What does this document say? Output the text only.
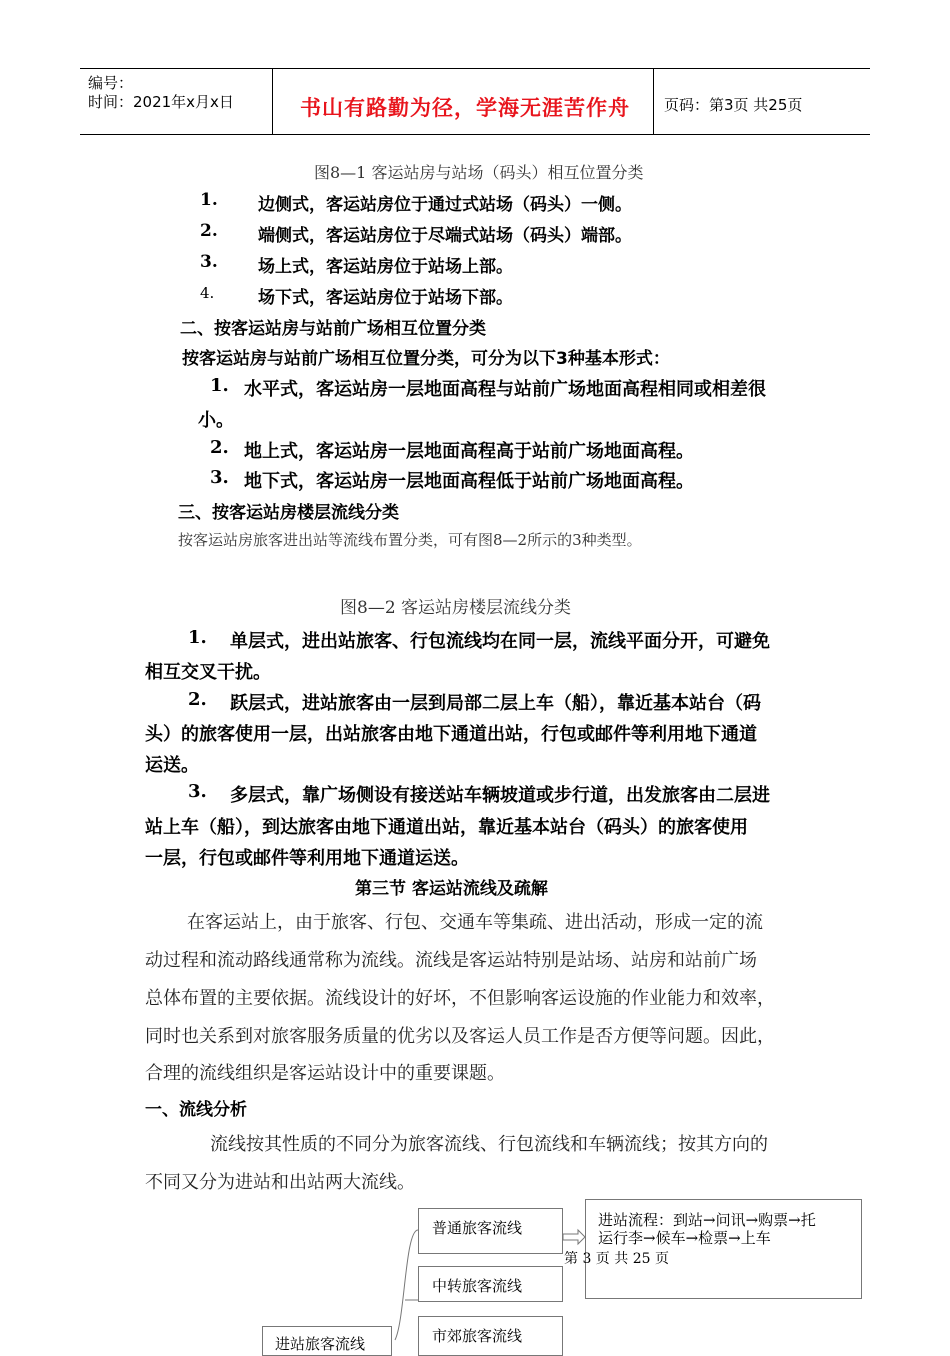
编号：
时间：2021年x月x日	书山有路勤为径，学海无涯苦作舟 页码：第3页 共25页
图8—1 客运站房与站场（码头）相互位置分类
1. 边侧式，客运站房位于通过式站场（码头）一侧。
2. 端侧式，客运站房位于尽端式站场（码头）端部。
3. 场上式，客运站房位于站场上部。
4.	场下式，客运站房位于站场下部。
二、按客运站房与站前广场相互位置分类
按客运站房与站前广场相互位置分类，可分为以下3种基本形式：
1. 水平式，客运站房一层地面高程与站前广场地面高程相同或相差很
小。
2. 地上式，客运站房一层地面高程高于站前广场地面高程。
3. 地下式，客运站房一层地面高程低于站前广场地面高程。
三、按客运站房楼层流线分类
按客运站房旅客进出站等流线布置分类，可有图8—2所示的3种类型。
图8—2 客运站房楼层流线分类
1. 单层式，进出站旅客、行包流线均在同一层，流线平面分开，可避免
相互交叉干扰。
2. 跃层式，进站旅客由一层到局部二层上车（船），靠近基本站台（码
头）的旅客使用一层，出站旅客由地下通道出站，行包或邮件等利用地下通道
运送。
3. 多层式，靠广场侧设有接送站车辆坡道或步行道，出发旅客由二层进
站上车（船），到达旅客由地下通道出站，靠近基本站台（码头）的旅客使用
一层，行包或邮件等利用地下通道运送。
第三节 客运站流线及疏解
在客运站上，由于旅客、行包、交通车等集疏、进出活动，形成一定的流
动过程和流动路线通常称为流线。流线是客运站特别是站场、站房和站前广场
总体布置的主要依据。流线设计的好坏，不但影响客运设施的作业能力和效率，
同时也关系到对旅客服务质量的优劣以及客运人员工作是否方便等问题。因此，
合理的流线组织是客运站设计中的重要课题。
一、流线分析
流线按其性质的不同分为旅客流线、行包流线和车辆流线；按其方向的
不同又分为进站和出站两大流线。
进站旅客流线
普通旅客流线
中转旅客流线
市郊旅客流线
进站流程：到站→问讯→购票→托
运行李→候车→检票→上车
第 3 页 共 25 页
